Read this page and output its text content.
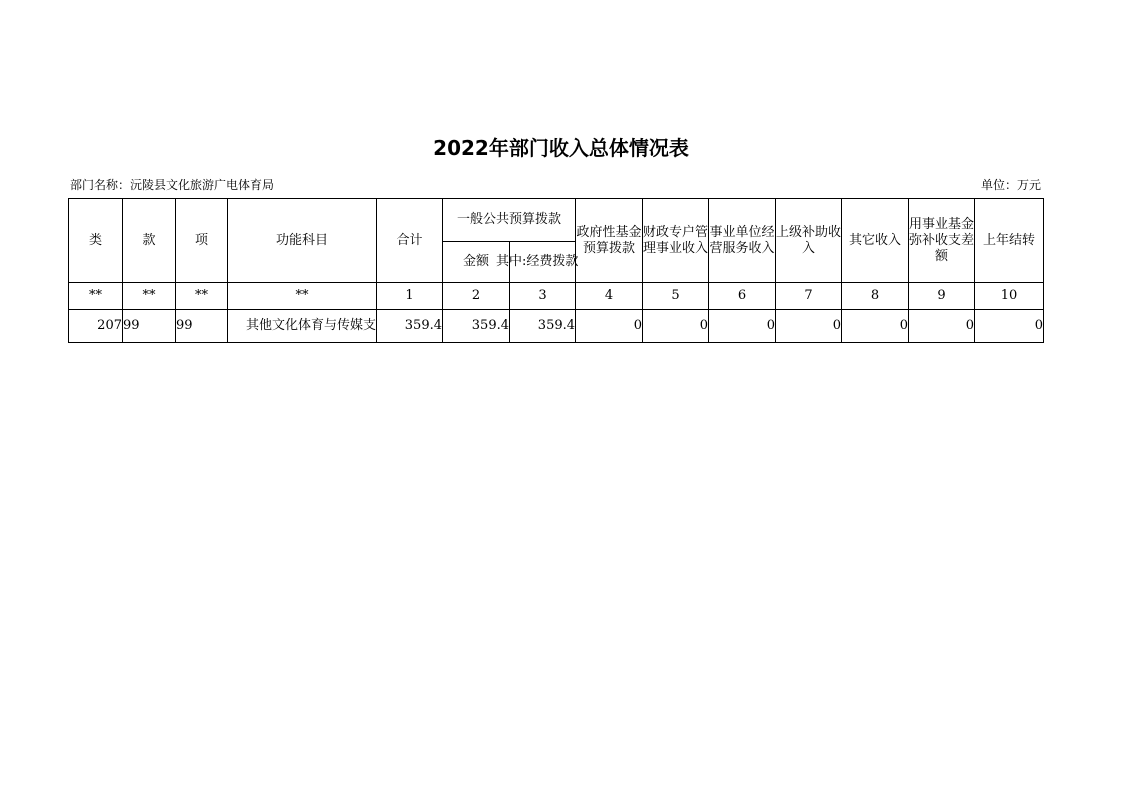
2022年部门收入总体情况表
部门名称：沅陵县文化旅游广电体育局	单位：万元
类	款	项	功能科目	合计	一般公共预算拨款		政府性基金预算拨款	财政专户管理事业收入	事业单位经营服务收入	上级补助收入	其它收入	用事业基金弥补收支差额	上年结转
					金额	其中:经费拨款							
**	**	**	**	1	2	3	4	5	6	7	8	9	10
207	99	99	其他文化体育与传媒支	359.4	359.4	359.4	0	0	0	0	0	0	0
